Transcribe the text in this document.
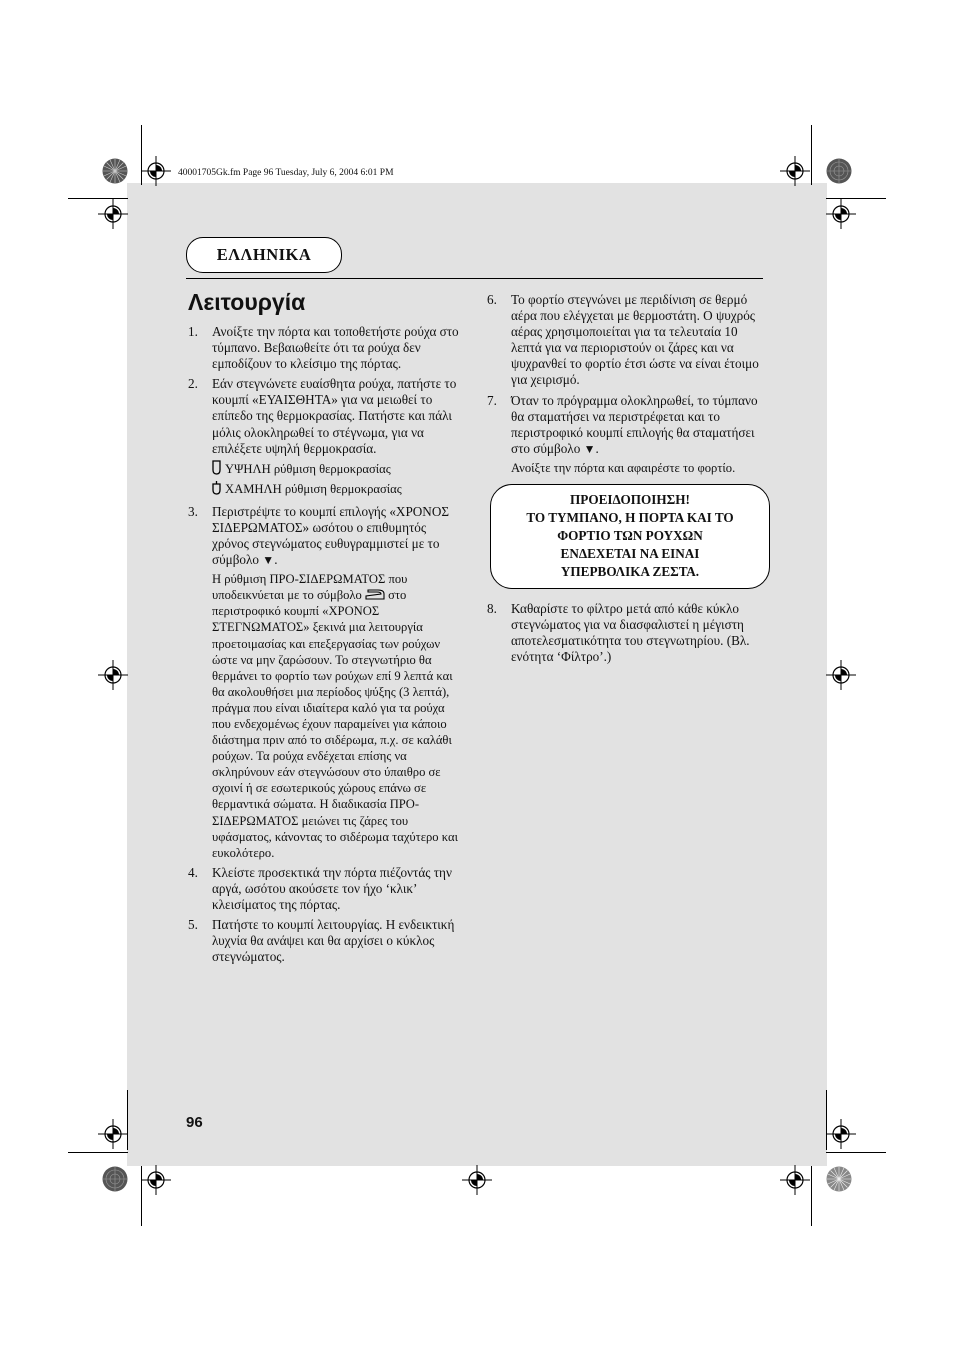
40001705Gk.fm Page 96 Tuesday, July 6, 2004 6:01 PM
ΕΛΛΗΝΙΚΑ
Λειτουργία
1.	Ανοίξτε την πόρτα και τοποθετήστε ρούχα στο τύμπανο. Βεβαιωθείτε ότι τα ρούχα δεν εμποδίζουν το κλείσιμο της πόρτας.
2.	Εάν στεγνώνετε ευαίσθητα ρούχα, πατήστε το κουμπί «ΕΥΑΙΣΘΗΤΑ» για να μειωθεί το επίπεδο της θερμοκρασίας. Πατήστε και πάλι μόλις ολοκληρωθεί το στέγνωμα, για να επιλέξετε υψηλή θερμοκρασία.
ΥΨΗΛΗ ρύθμιση θερμοκρασίας
ΧΑΜΗΛΗ ρύθμιση θερμοκρασίας
3.	Περιστρέψτε το κουμπί επιλογής «ΧΡΟΝΟΣ ΣΙΔΕΡΩΜΑΤΟΣ» ωσότου ο επιθυμητός χρόνος στεγνώματος ευθυγραμμιστεί με το σύμβολο ▼.
Η ρύθμιση ΠΡΟ-ΣΙΔΕΡΩΜΑΤΟΣ που υποδεικνύεται με το σύμβολο στο περιστροφικό κουμπί «ΧΡΟΝΟΣ ΣΤΕΓΝΩΜΑΤΟΣ» ξεκινά μια λειτουργία προετοιμασίας και επεξεργασίας των ρούχων ώστε να μην ζαρώσουν. Το στεγνωτήριο θα θερμάνει το φορτίο των ρούχων επί 9 λεπτά και θα ακολουθήσει μια περίοδος ψύξης (3 λεπτά), πράγμα που είναι ιδιαίτερα καλό για τα ρούχα που ενδεχομένως έχουν παραμείνει για κάποιο διάστημα πριν από το σιδέρωμα, π.χ. σε καλάθι ρούχων. Τα ρούχα ενδέχεται επίσης να σκληρύνουν εάν στεγνώσουν στο ύπαιθρο σε σχοινί ή σε εσωτερικούς χώρους επάνω σε θερμαντικά σώματα. Η διαδικασία ΠΡΟ-ΣΙΔΕΡΩΜΑΤΟΣ μειώνει τις ζάρες του υφάσματος, κάνοντας το σιδέρωμα ταχύτερο και ευκολότερο.
4.	Κλείστε προσεκτικά την πόρτα πιέζοντάς την αργά, ωσότου ακούσετε τον ήχο ‘κλικ’ κλεισίματος της πόρτας.
5.	Πατήστε το κουμπί λειτουργίας. Η ενδεικτική λυχνία θα ανάψει και θα αρχίσει ο κύκλος στεγνώματος.
6.	Το φορτίο στεγνώνει με περιδίνιση σε θερμό αέρα που ελέγχεται με θερμοστάτη. Ο ψυχρός αέρας χρησιμοποιείται για τα τελευταία 10 λεπτά για να περιοριστούν οι ζάρες και να ψυχρανθεί το φορτίο έτσι ώστε να είναι έτοιμο για χειρισμό.
7.	Όταν το πρόγραμμα ολοκληρωθεί, το τύμπανο θα σταματήσει να περιστρέφεται και το περιστροφικό κουμπί επιλογής θα σταματήσει στο σύμβολο ▼.
Ανοίξτε την πόρτα και αφαιρέστε το φορτίο.
ΠΡΟΕΙΔΟΠΟΙΗΣΗ!
ΤΟ ΤΥΜΠΑΝΟ, Η ΠΟΡΤΑ ΚΑΙ ΤΟ
ΦΟΡΤΙΟ ΤΩΝ ΡΟΥΧΩΝ
ΕΝΔΕΧΕΤΑΙ ΝΑ ΕΙΝΑΙ
ΥΠΕΡΒΟΛΙΚΑ ΖΕΣΤΑ.
8.	Καθαρίστε το φίλτρο μετά από κάθε κύκλο στεγνώματος για να διασφαλιστεί η μέγιστη αποτελεσματικότητα του στεγνωτηρίου. (Βλ. ενότητα ‘Φίλτρο’.)
96
